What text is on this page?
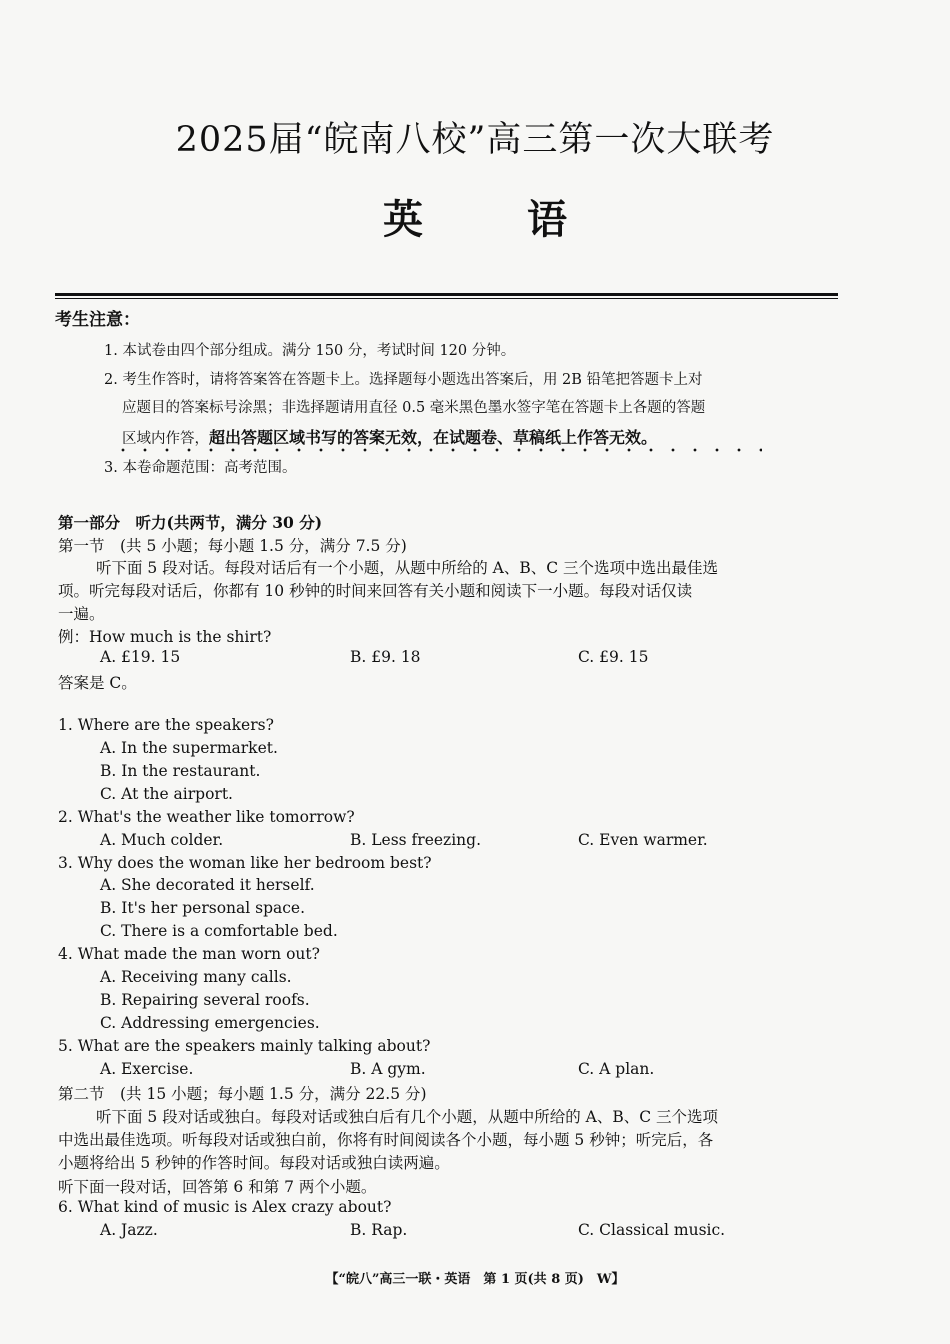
2025届“皖南八校”高三第一次大联考
英 语
考生注意：
1. 本试卷由四个部分组成。满分 150 分，考试时间 120 分钟。
2. 考生作答时，请将答案答在答题卡上。选择题每小题选出答案后，用 2B 铅笔把答题卡上对
应题目的答案标号涂黑；非选择题请用直径 0.5 毫米黑色墨水签字笔在答题卡上各题的答题
区域内作答，超出答题区域书写的答案无效，在试题卷、草稿纸上作答无效。
3. 本卷命题范围：高考范围。
第一部分　听力(共两节，满分 30 分)
第一节　(共 5 小题；每小题 1.5 分，满分 7.5 分)
听下面 5 段对话。每段对话后有一个小题，从题中所给的 A、B、C 三个选项中选出最佳选
项。听完每段对话后，你都有 10 秒钟的时间来回答有关小题和阅读下一小题。每段对话仅读
一遍。
例：How much is the shirt?
A. £19. 15	B. £9. 18	C. £9. 15
答案是 C。
1. Where are the speakers?
A. In the supermarket.
B. In the restaurant.
C. At the airport.
2. What's the weather like tomorrow?
A. Much colder.	B. Less freezing.	C. Even warmer.
3. Why does the woman like her bedroom best?
A. She decorated it herself.
B. It's her personal space.
C. There is a comfortable bed.
4. What made the man worn out?
A. Receiving many calls.
B. Repairing several roofs.
C. Addressing emergencies.
5. What are the speakers mainly talking about?
A. Exercise.	B. A gym.	C. A plan.
第二节　(共 15 小题；每小题 1.5 分，满分 22.5 分)
听下面 5 段对话或独白。每段对话或独白后有几个小题，从题中所给的 A、B、C 三个选项
中选出最佳选项。听每段对话或独白前，你将有时间阅读各个小题，每小题 5 秒钟；听完后，各
小题将给出 5 秒钟的作答时间。每段对话或独白读两遍。
听下面一段对话，回答第 6 和第 7 两个小题。
6. What kind of music is Alex crazy about?
A. Jazz.	B. Rap.	C. Classical music.
【“皖八”高三一联・英语　第 1 页(共 8 页)　W】
